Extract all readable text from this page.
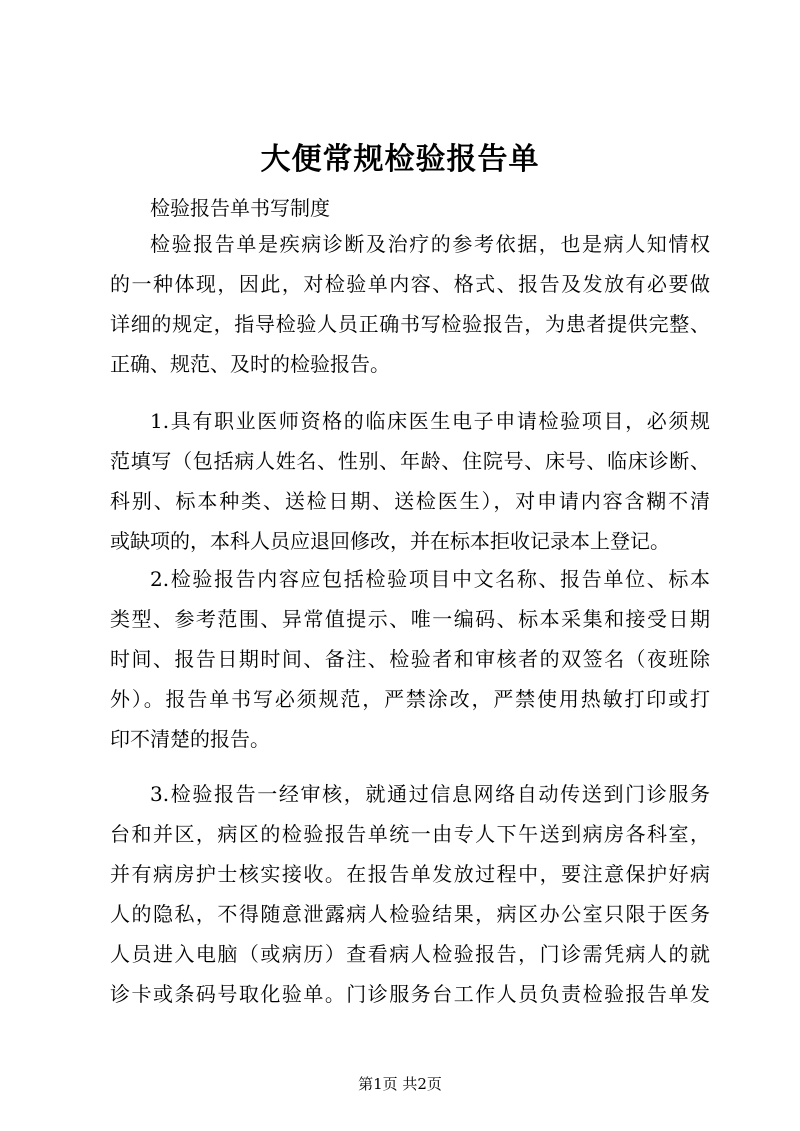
大便常规检验报告单
检验报告单书写制度
检验报告单是疾病诊断及治疗的参考依据，也是病人知情权
的一种体现，因此，对检验单内容、格式、报告及发放有必要做
详细的规定，指导检验人员正确书写检验报告，为患者提供完整、
正确、规范、及时的检验报告。
1.具有职业医师资格的临床医生电子申请检验项目，必须规
范填写（包括病人姓名、性别、年龄、住院号、床号、临床诊断、
科别、标本种类、送检日期、送检医生），对申请内容含糊不清
或缺项的，本科人员应退回修改，并在标本拒收记录本上登记。
2.检验报告内容应包括检验项目中文名称、报告单位、标本
类型、参考范围、异常值提示、唯一编码、标本采集和接受日期
时间、报告日期时间、备注、检验者和审核者的双签名（夜班除
外）。报告单书写必须规范，严禁涂改，严禁使用热敏打印或打
印不清楚的报告。
3.检验报告一经审核，就通过信息网络自动传送到门诊服务
台和并区，病区的检验报告单统一由专人下午送到病房各科室，
并有病房护士核实接收。在报告单发放过程中，要注意保护好病
人的隐私，不得随意泄露病人检验结果，病区办公室只限于医务
人员进入电脑（或病历）查看病人检验报告，门诊需凭病人的就
诊卡或条码号取化验单。门诊服务台工作人员负责检验报告单发
第1页 共2页
